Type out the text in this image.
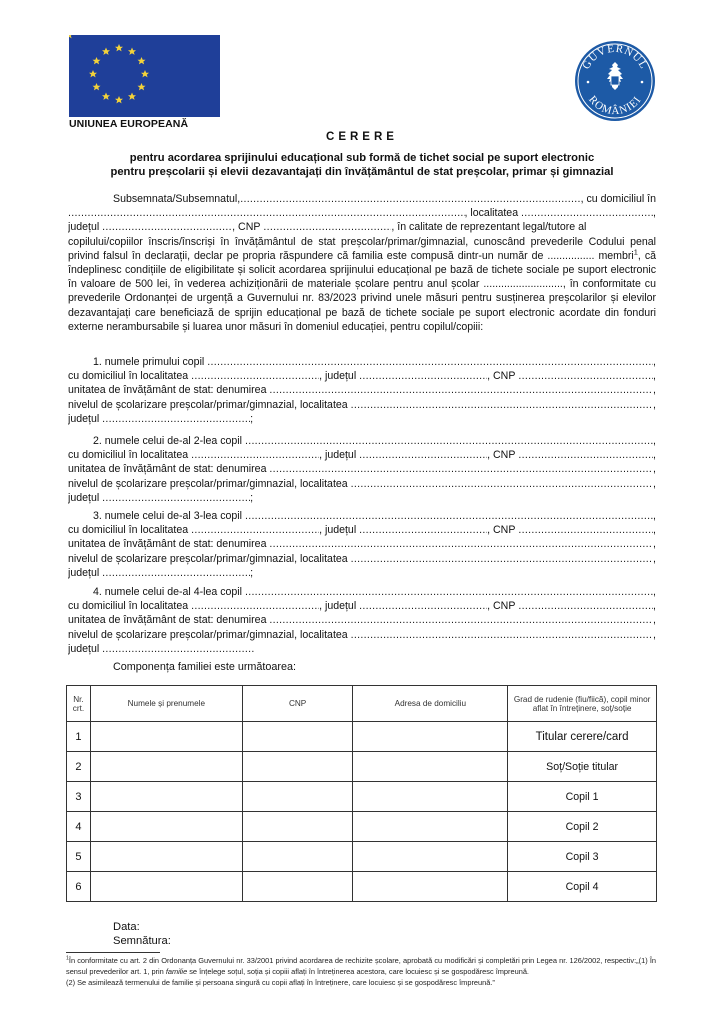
UNIUNEA EUROPEANĂ
GUVERNUL
ROMÂNIEI
CERERE
pentru acordarea sprijinului educațional sub formă de tichet social pe suport electronic
pentru preșcolarii și elevii dezavantajați din învățământul de stat preșcolar, primar și gimnazial
Subsemnata/Subsemnatul, .....	, cu domiciliul în
.....
, localitatea
.....	,
județul
.....	, CNP
.....	, în calitate de reprezentant legal/tutore al
copilului/copiilor înscris/înscriși în învățământul de stat preșcolar/primar/gimnazial, cunoscând prevederile Codului penal privind falsul în declarații, declar pe propria răspundere că familia este compusă dintr-un număr de ................ membri$^1$, că îndeplinesc condițiile de eligibilitate și solicit acordarea sprijinului educațional pe bază de tichete sociale pe suport electronic în valoare de 500 lei, în vederea achiziționării de materiale școlare pentru anul școlar ..........................., în conformitate cu prevederile Ordonanței de urgență a Guvernului nr. 83/2023 privind unele măsuri pentru susținerea preșcolarilor și elevilor dezavantajați care beneficiază de sprijin educațional pe bază de tichete sociale pe suport electronic acordate din fonduri externe nerambursabile și luarea unor măsuri în domeniul educației, pentru copilul/copiii:
1. numele primului copil
.....	,
cu domiciliul în localitatea
.....	, județul
.....	, CNP
.....	,
unitatea de învățământ de stat: denumirea
.....	,
nivelul de școlarizare preșcolar/primar/gimnazial, localitatea
.....	,
județul
.....	;
2. numele celui de-al 2-lea copil
.....	,
cu domiciliul în localitatea
.....	, județul
.....	, CNP
.....	,
unitatea de învățământ de stat: denumirea
.....	,
nivelul de școlarizare preșcolar/primar/gimnazial, localitatea
.....	,
județul
.....	;
3. numele celui de-al 3-lea copil
.....	,
cu domiciliul în localitatea
.....	, județul
.....	, CNP
.....	,
unitatea de învățământ de stat: denumirea
.....	,
nivelul de școlarizare preșcolar/primar/gimnazial, localitatea
.....	,
județul
.....	;
4. numele celui de-al 4-lea copil
.....	,
cu domiciliul în localitatea
.....	, județul
.....	, CNP
.....	,
unitatea de învățământ de stat: denumirea
.....	,
nivelul de școlarizare preșcolar/primar/gimnazial, localitatea
.....	,
județul

.....
Componența familiei este următoarea:
Nr. crt.	Numele și prenumele	CNP	Adresa de domiciliu	Grad de rudenie (fiu/fiică), copil minor aflat în întreținere, soț/soție
1				Titular cerere/card
2				Soț/Soție titular
3				Copil 1
4				Copil 2
5				Copil 3
6				Copil 4
Data:
Semnătura:
$^1$În conformitate cu art. 2 din Ordonanța Guvernului nr. 33/2001 privind acordarea de rechizite școlare, aprobată cu modificări și completări prin Legea nr. 126/2002, respectiv:„(1) În sensul prevederilor art. 1, prin familie se înțelege soțul, soția și copiii aflați în întreținerea acestora, care locuiesc și se gospodăresc împreună.
(2) Se asimilează termenului de familie și persoana singură cu copii aflați în întreținere, care locuiesc și se gospodăresc împreună.”
